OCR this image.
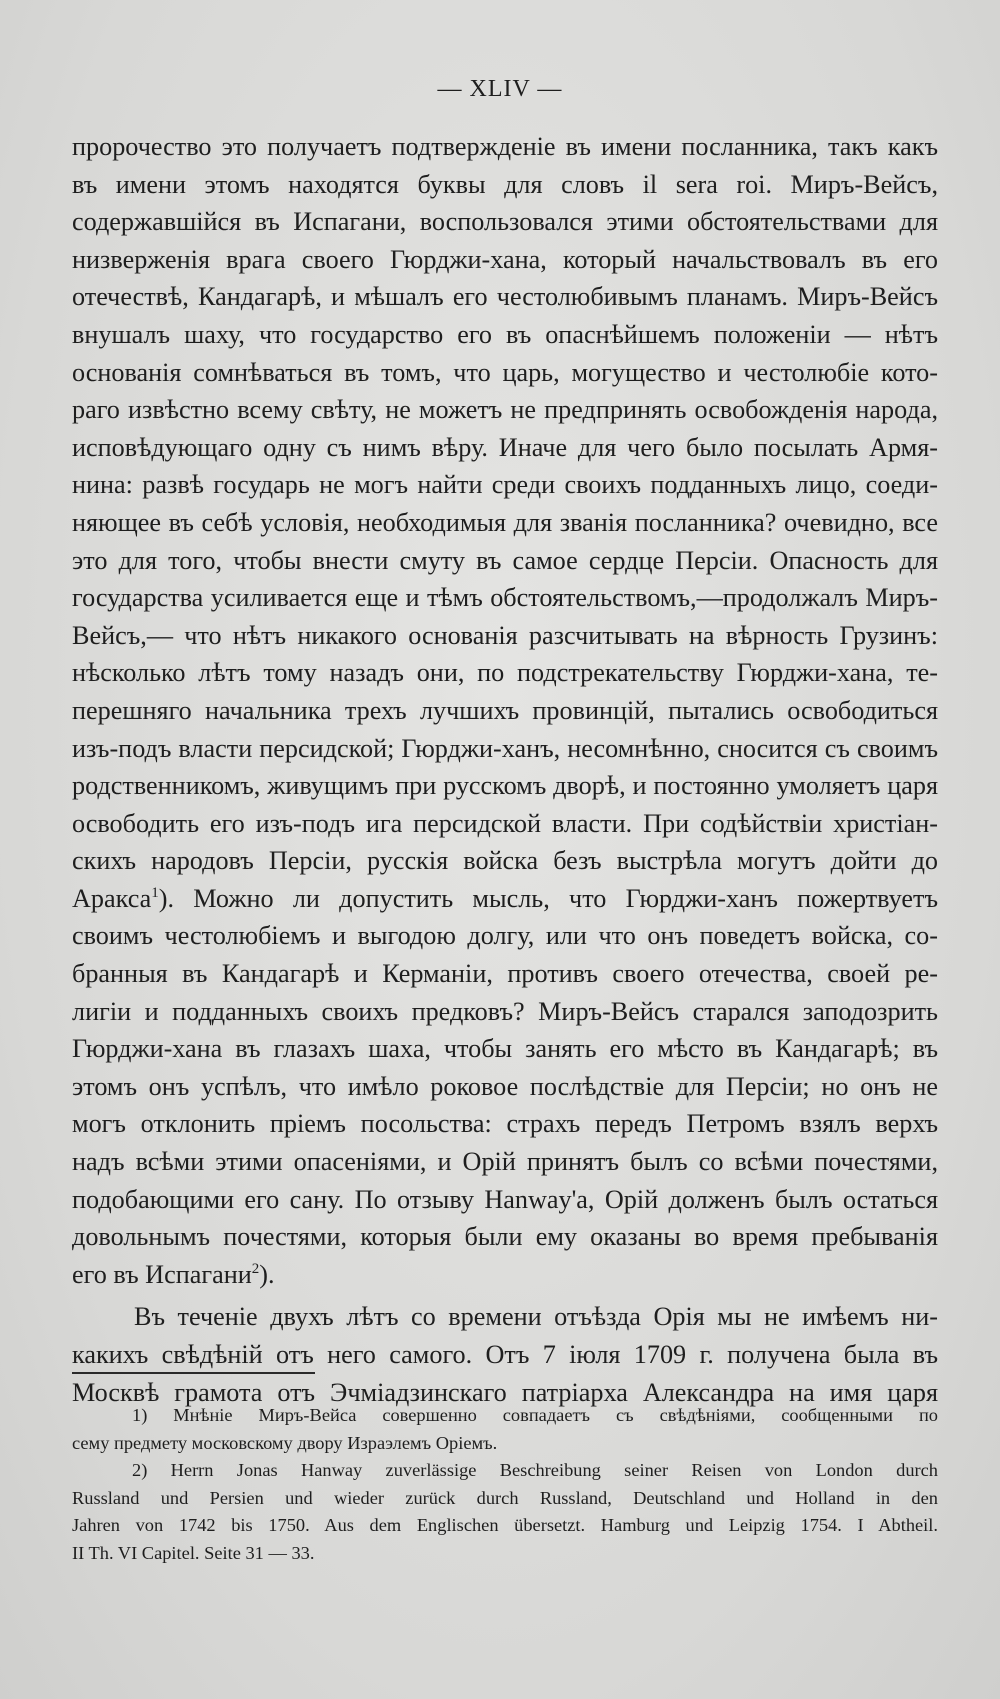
— XLIV —
пророчество это получаетъ подтвержденіе въ имени посланника, такъ какъ
въ имени этомъ находятся буквы для словъ il sera roi. Миръ-Вейсъ,
содержавшійся въ Испагани, воспользовался этими обстоятельствами для
низверженія врага своего Гюрджи-хана, который начальствовалъ въ его
отечествѣ, Кандагарѣ, и мѣшалъ его честолюбивымъ планамъ. Миръ-Вейсъ
внушалъ шаху, что государство его въ опаснѣйшемъ положеніи — нѣтъ
основанія сомнѣваться въ томъ, что царь, могущество и честолюбіе кото-
раго извѣстно всему свѣту, не можетъ не предпринять освобожденія народа,
исповѣдующаго одну съ нимъ вѣру. Иначе для чего было посылать Армя-
нина: развѣ государь не могъ найти среди своихъ подданныхъ лицо, соеди-
няющее въ себѣ условія, необходимыя для званія посланника? очевидно, все
это для того, чтобы внести смуту въ самое сердце Персіи. Опасность для
государства усиливается еще и тѣмъ обстоятельствомъ,—продолжалъ Миръ-
Вейсъ,— что нѣтъ никакого основанія разсчитывать на вѣрность Грузинъ:
нѣсколько лѣтъ тому назадъ они, по подстрекательству Гюрджи-хана, те-
перешняго начальника трехъ лучшихъ провинцій, пытались освободиться
изъ-подъ власти персидской; Гюрджи-ханъ, несомнѣнно, сносится съ своимъ
родственникомъ, живущимъ при русскомъ дворѣ, и постоянно умоляетъ царя
освободить его изъ-подъ ига персидской власти. При содѣйствіи христіан-
скихъ народовъ Персіи, русскія войска безъ выстрѣла могутъ дойти до
Аракса$^1$). Можно ли допустить мысль, что Гюрджи-ханъ пожертвуетъ
своимъ честолюбіемъ и выгодою долгу, или что онъ поведетъ войска, со-
бранныя въ Кандагарѣ и Керманіи, противъ своего отечества, своей ре-
лигіи и подданныхъ своихъ предковъ? Миръ-Вейсъ старался заподозрить
Гюрджи-хана въ глазахъ шаха, чтобы занять его мѣсто въ Кандагарѣ; въ
этомъ онъ успѣлъ, что имѣло роковое послѣдствіе для Персіи; но онъ не
могъ отклонить пріемъ посольства: страхъ передъ Петромъ взялъ верхъ
надъ всѣми этими опасеніями, и Орій принятъ былъ со всѣми почестями,
подобающими его сану. По отзыву Hanway'а, Орій долженъ былъ остаться
довольнымъ почестями, которыя были ему оказаны во время пребыванія
его въ Испагани$^2$).
Въ теченіе двухъ лѣтъ со времени отъѣзда Орія мы не имѣемъ ни-
какихъ свѣдѣній отъ него самого. Отъ 7 іюля 1709 г. получена была въ
Москвѣ грамота отъ Эчміадзинскаго патріарха Александра на имя царя
1) Мнѣніе Миръ-Вейса совершенно совпадаетъ съ свѣдѣніями, сообщенными по
сему предмету московскому двору Израэлемъ Оріемъ.
2) Herrn Jonas Hanway zuverlässige Beschreibung seiner Reisen von London durch
Russland und Persien und wieder zurück durch Russland, Deutschland und Holland in den
Jahren von 1742 bis 1750. Aus dem Englischen übersetzt. Hamburg und Leipzig 1754. I Abtheil.
II Th. VI Capitel. Seite 31 — 33.
